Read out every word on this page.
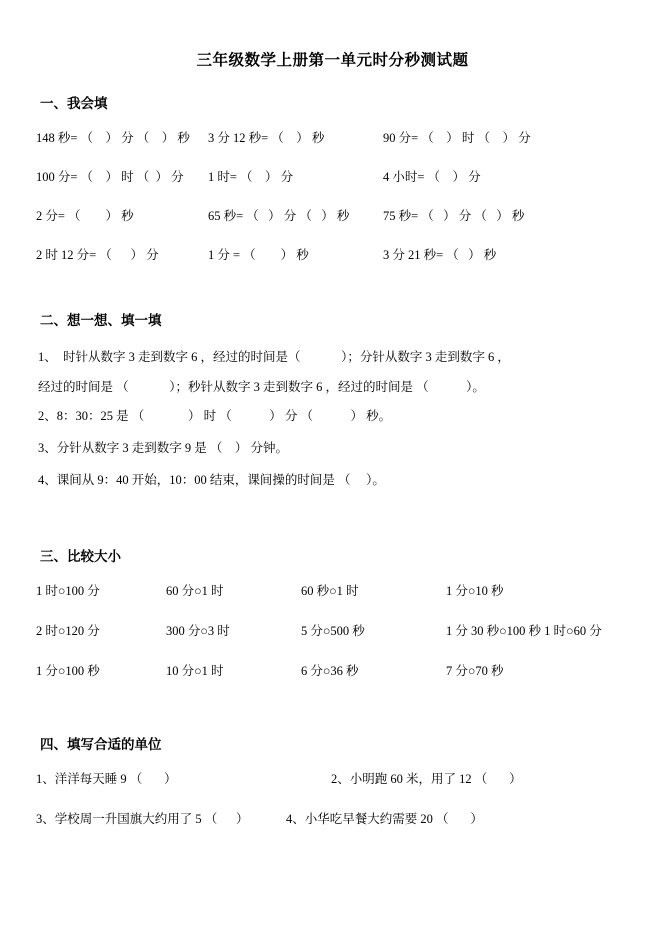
三年级数学上册第一单元时分秒测试题
一、我会填
148 秒= （    ） 分 （    ） 秒	3 分 12 秒= （    ） 秒	90 分= （    ） 时 （    ） 分
100 分= （    ） 时 （  ） 分	1 时= （    ） 分	4 小时= （    ） 分
2 分= （        ） 秒	65 秒= （   ） 分 （   ） 秒	75 秒= （   ） 分 （   ） 秒
2 时 12 分= （      ） 分	1 分 = （        ） 秒	3 分 21 秒= （   ） 秒
二、想一想、填一填
1、  时针从数字 3 走到数字 6 ，经过的时间是（             ）；分针从数字 3 走到数字 6 ，
经过的时间是 （             ）；秒针从数字 3 走到数字 6 ，经过的时间是 （            ）。
2、8：30：25 是 （              ） 时 （            ） 分 （            ） 秒。
3、分针从数字 3 走到数字 9 是 （    ） 分钟。
4、课间从 9：40 开始，10：00 结束，课间操的时间是 （     ）。
三、比较大小
1 时○100 分	60 分○1 时	60 秒○1 时	1 分○10 秒
2 时○120 分	300 分○3 时	5 分○500 秒	1 分 30 秒○100 秒 1 时○60 分
1 分○100 秒	10 分○1 时	6 分○36 秒	7 分○70 秒
四、填写合适的单位
1、洋洋每天睡 9 （       ）	2、小明跑 60 米，用了 12 （       ）
3、学校周一升国旗大约用了 5 （      ）	4、小华吃早餐大约需要 20 （       ）
